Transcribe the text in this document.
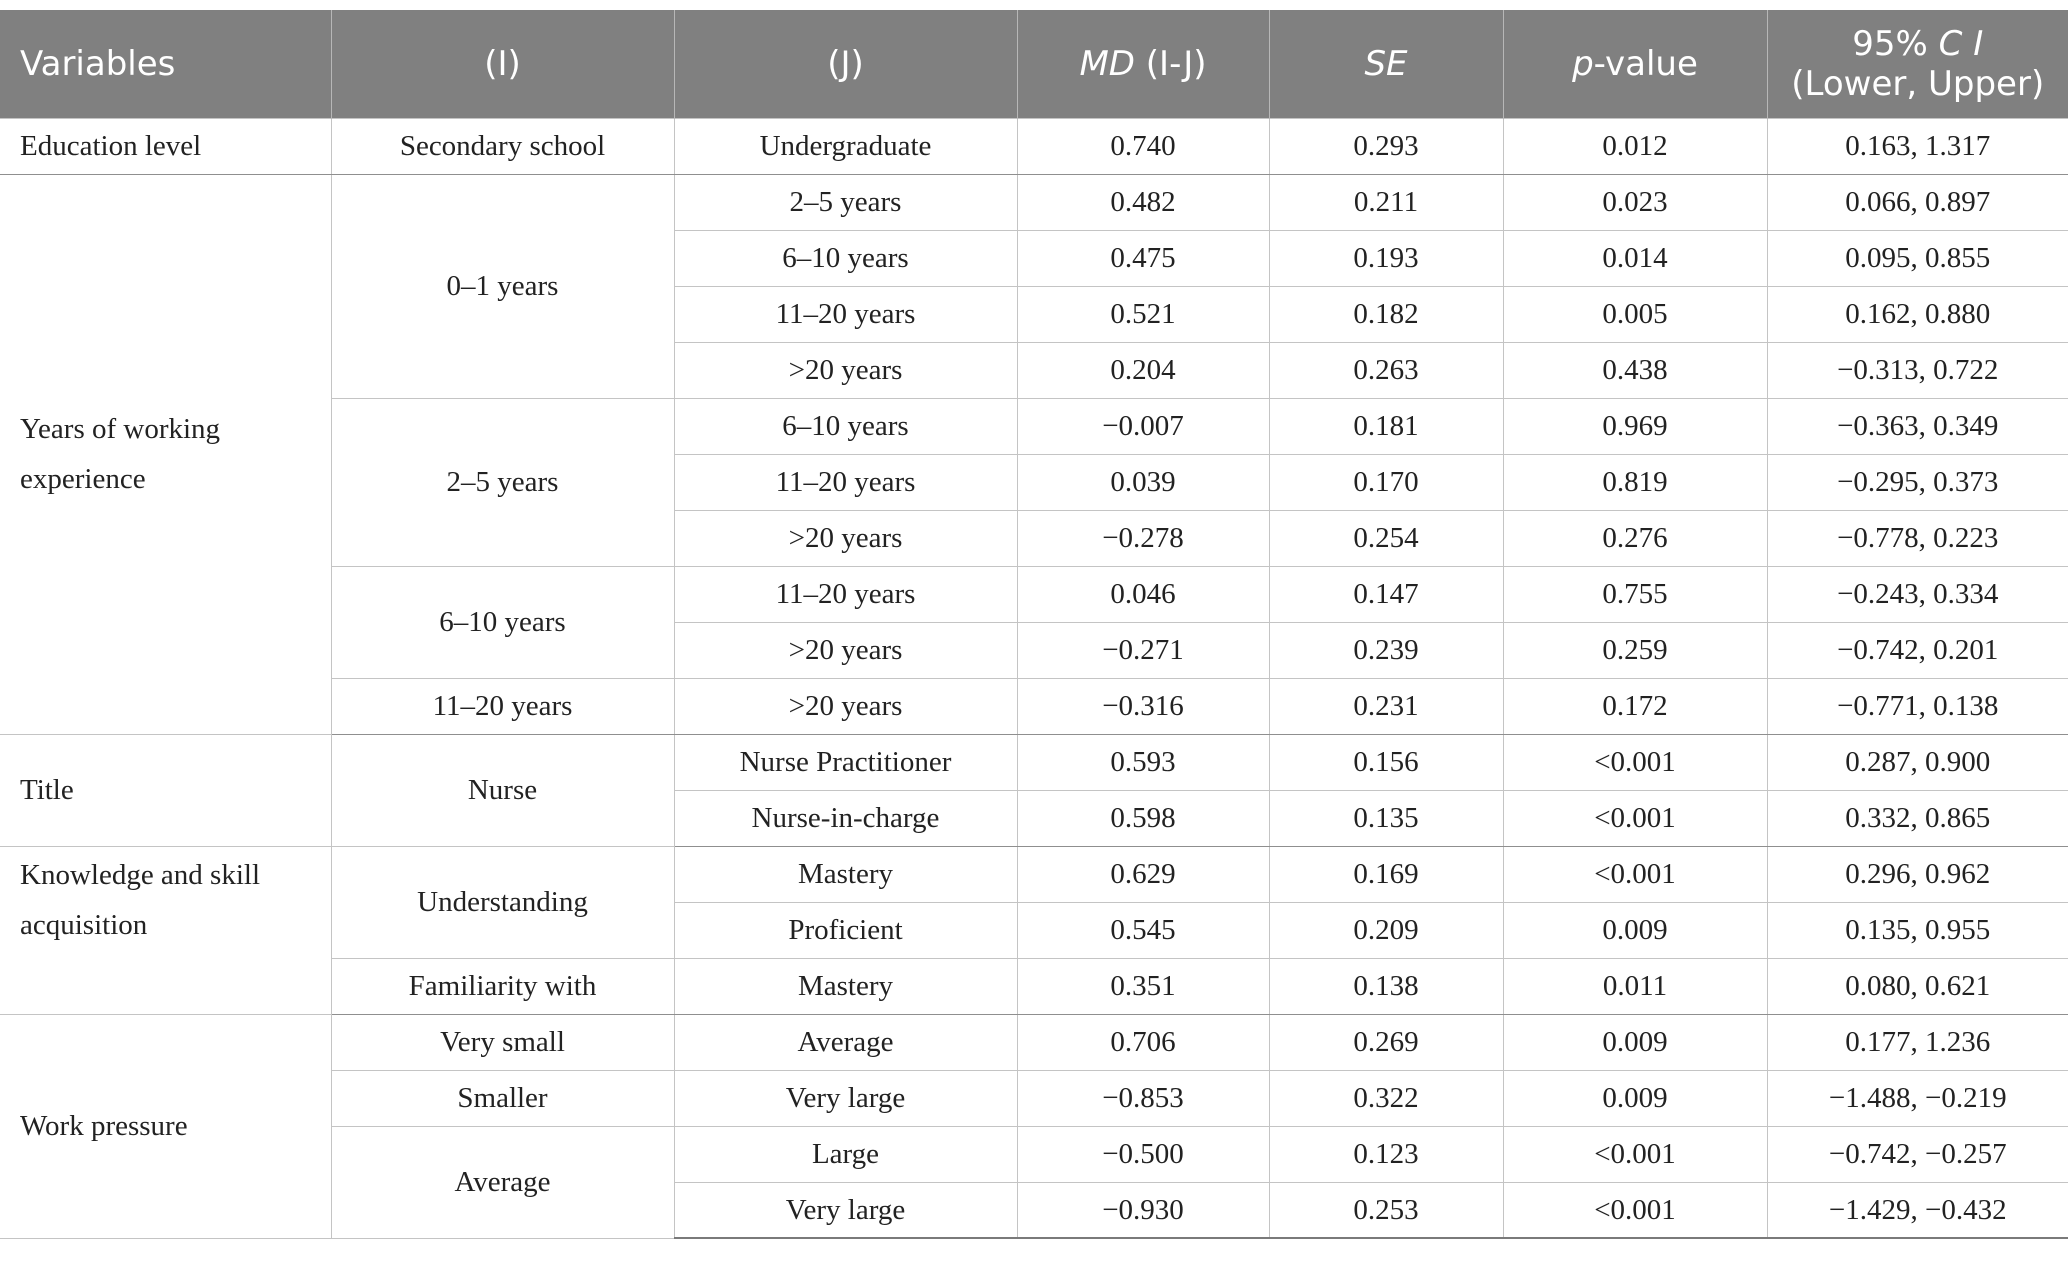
Variables	(I)	(J)	MD (I-J)	SE	p-value	95% C I
(Lower, Upper)
Education level	Secondary school	Undergraduate	0.740	0.293	0.012	0.163, 1.317
Years of working experience	0–1 years	2–5 years	0.482	0.211	0.023	0.066, 0.897
		6–10 years	0.475	0.193	0.014	0.095, 0.855
		11–20 years	0.521	0.182	0.005	0.162, 0.880
		>20 years	0.204	0.263	0.438	−0.313, 0.722
	2–5 years	6–10 years	−0.007	0.181	0.969	−0.363, 0.349
		11–20 years	0.039	0.170	0.819	−0.295, 0.373
		>20 years	−0.278	0.254	0.276	−0.778, 0.223
	6–10 years	11–20 years	0.046	0.147	0.755	−0.243, 0.334
		>20 years	−0.271	0.239	0.259	−0.742, 0.201
	11–20 years	>20 years	−0.316	0.231	0.172	−0.771, 0.138
Title	Nurse	Nurse Practitioner	0.593	0.156	<0.001	0.287, 0.900
		Nurse-in-charge	0.598	0.135	<0.001	0.332, 0.865
Knowledge and skill acquisition	Understanding	Mastery	0.629	0.169	<0.001	0.296, 0.962
		Proficient	0.545	0.209	0.009	0.135, 0.955
	Familiarity with	Mastery	0.351	0.138	0.011	0.080, 0.621
Work pressure	Very small	Average	0.706	0.269	0.009	0.177, 1.236
	Smaller	Very large	−0.853	0.322	0.009	−1.488, −0.219
	Average	Large	−0.500	0.123	<0.001	−0.742, −0.257
		Very large	−0.930	0.253	<0.001	−1.429, −0.432
